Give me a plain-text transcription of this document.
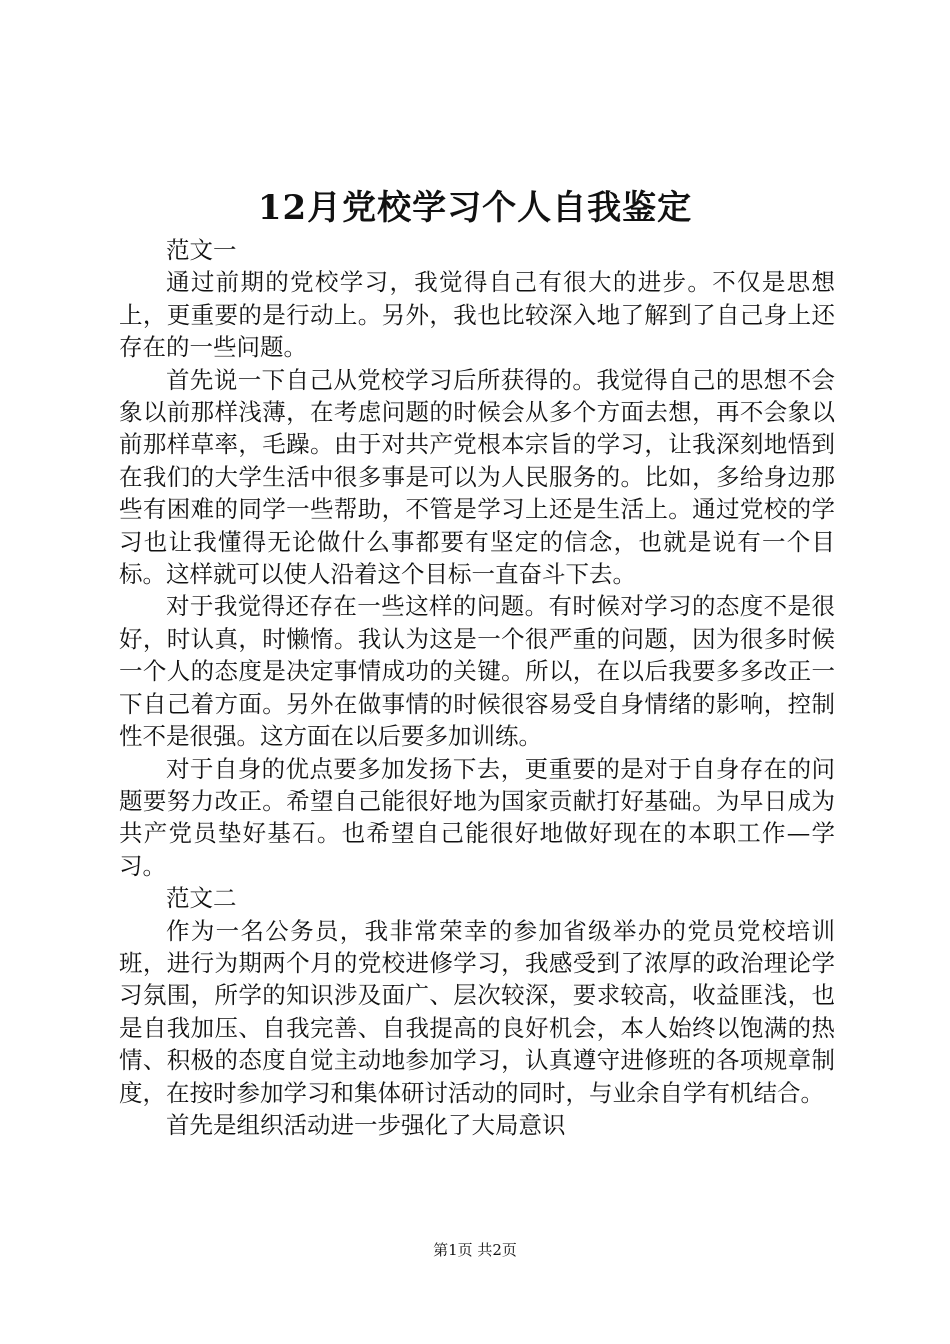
12月党校学习个人自我鉴定

范文一

通过前期的党校学习，我觉得自己有很大的进步。不仅是思想上，更重要的是行动上。另外，我也比较深入地了解到了自己身上还存在的一些问题。

首先说一下自己从党校学习后所获得的。我觉得自己的思想不会象以前那样浅薄，在考虑问题的时候会从多个方面去想，再不会象以前那样草率，毛躁。由于对共产党根本宗旨的学习，让我深刻地悟到在我们的大学生活中很多事是可以为人民服务的。比如，多给身边那些有困难的同学一些帮助，不管是学习上还是生活上。通过党校的学习也让我懂得无论做什么事都要有坚定的信念，也就是说有一个目标。这样就可以使人沿着这个目标一直奋斗下去。

对于我觉得还存在一些这样的问题。有时候对学习的态度不是很好，时认真，时懒惰。我认为这是一个很严重的问题，因为很多时候一个人的态度是决定事情成功的关键。所以，在以后我要多多改正一下自己着方面。另外在做事情的时候很容易受自身情绪的影响，控制性不是很强。这方面在以后要多加训练。

对于自身的优点要多加发扬下去，更重要的是对于自身存在的问题要努力改正。希望自己能很好地为国家贡献打好基础。为早日成为共产党员垫好基石。也希望自己能很好地做好现在的本职工作—学习。

范文二

作为一名公务员，我非常荣幸的参加省级举办的党员党校培训班，进行为期两个月的党校进修学习，我感受到了浓厚的政治理论学习氛围，所学的知识涉及面广、层次较深，要求较高，收益匪浅，也是自我加压、自我完善、自我提高的良好机会，本人始终以饱满的热情、积极的态度自觉主动地参加学习，认真遵守进修班的各项规章制度，在按时参加学习和集体研讨活动的同时，与业余自学有机结合。

首先是组织活动进一步强化了大局意识

第1页 共2页
